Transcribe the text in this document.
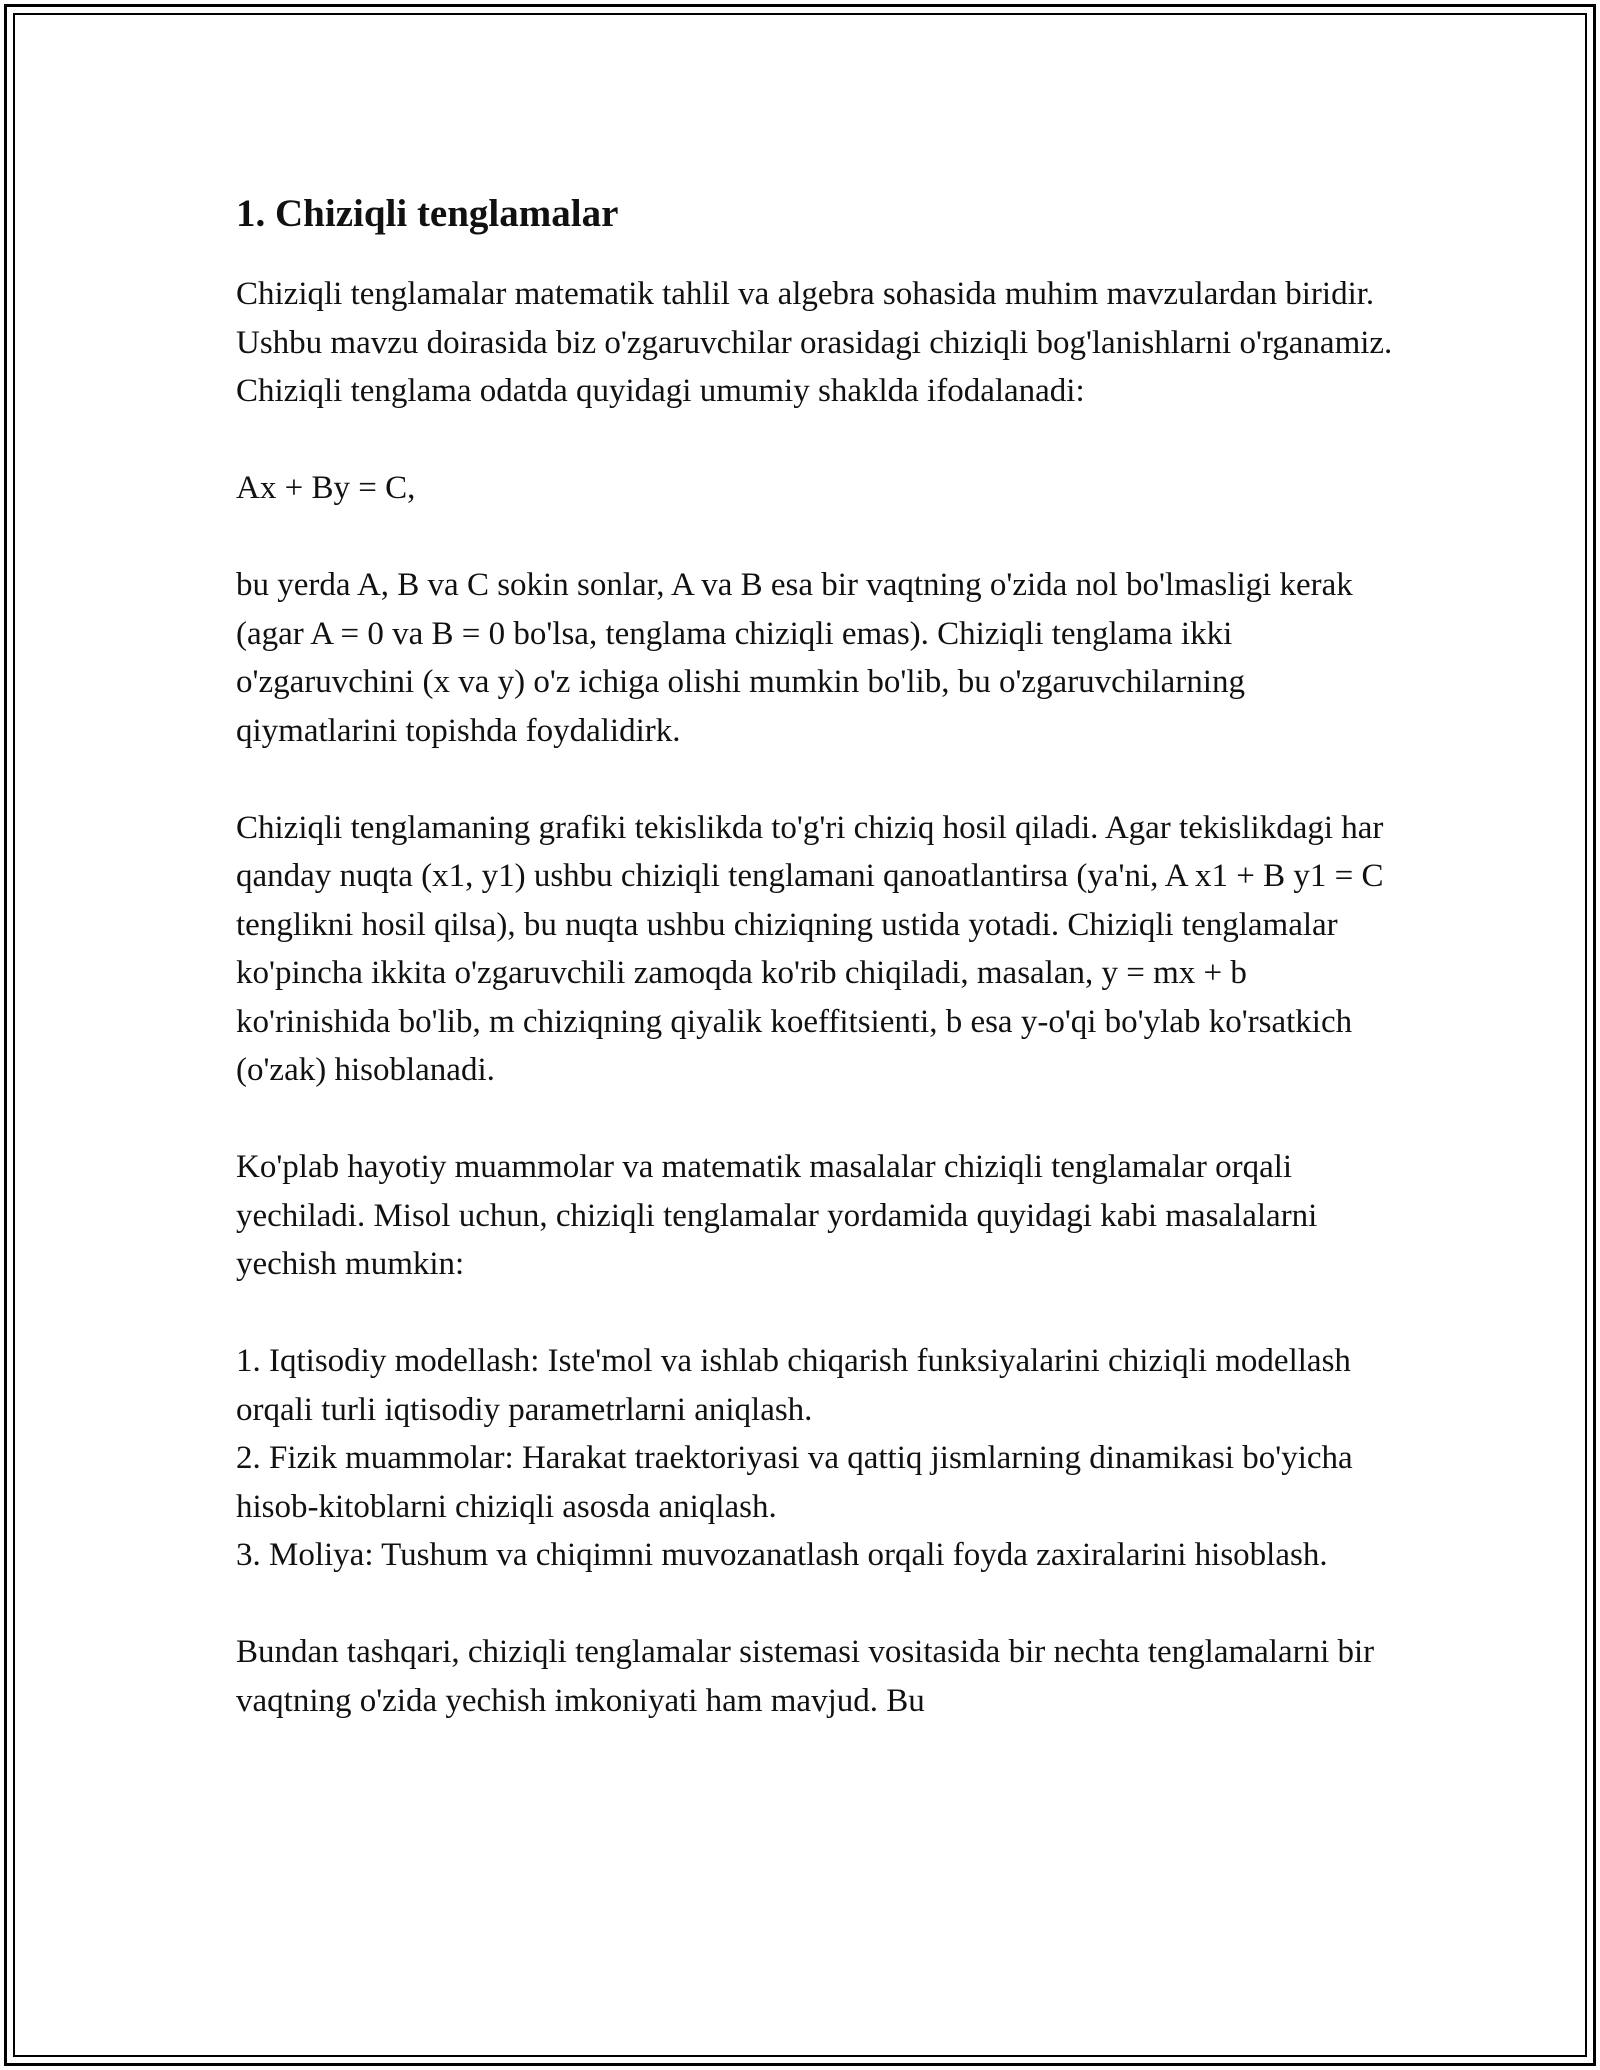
1. Chiziqli tenglamalar

Chiziqli tenglamalar matematik tahlil va algebra sohasida muhim mavzulardan biridir. Ushbu mavzu doirasida biz o'zgaruvchilar orasidagi chiziqli bog'lanishlarni o'rganamiz. Chiziqli tenglama odatda quyidagi umumiy shaklda ifodalanadi:

Ax + By = C,

bu yerda A, B va C sokin sonlar, A va B esa bir vaqtning o'zida nol bo'lmasligi kerak (agar A = 0 va B = 0 bo'lsa, tenglama chiziqli emas). Chiziqli tenglama ikki o'zgaruvchini (x va y) o'z ichiga olishi mumkin bo'lib, bu o'zgaruvchilarning qiymatlarini topishda foydalidirk.

Chiziqli tenglamaning grafiki tekislikda to'g'ri chiziq hosil qiladi. Agar tekislikdagi har qanday nuqta (x1, y1) ushbu chiziqli tenglamani qanoatlantirsa (ya'ni, A x1 + B y1 = C tenglikni hosil qilsa), bu nuqta ushbu chiziqning ustida yotadi. Chiziqli tenglamalar ko'pincha ikkita o'zgaruvchili zamoqda ko'rib chiqiladi, masalan, y = mx + b ko'rinishida bo'lib, m chiziqning qiyalik koeffitsienti, b esa y-o'qi bo'ylab ko'rsatkich (o'zak) hisoblanadi.

Ko'plab hayotiy muammolar va matematik masalalar chiziqli tenglamalar orqali yechiladi. Misol uchun, chiziqli tenglamalar yordamida quyidagi kabi masalalarni yechish mumkin:

1. Iqtisodiy modellash: Iste'mol va ishlab chiqarish funksiyalarini chiziqli modellash orqali turli iqtisodiy parametrlarni aniqlash.

2. Fizik muammolar: Harakat traektoriyasi va qattiq jismlarning dinamikasi bo'yicha hisob-kitoblarni chiziqli asosda aniqlash.

3. Moliya: Tushum va chiqimni muvozanatlash orqali foyda zaxiralarini hisoblash.

Bundan tashqari, chiziqli tenglamalar sistemasi vositasida bir nechta tenglamalarni bir vaqtning o'zida yechish imkoniyati ham mavjud. Bu
